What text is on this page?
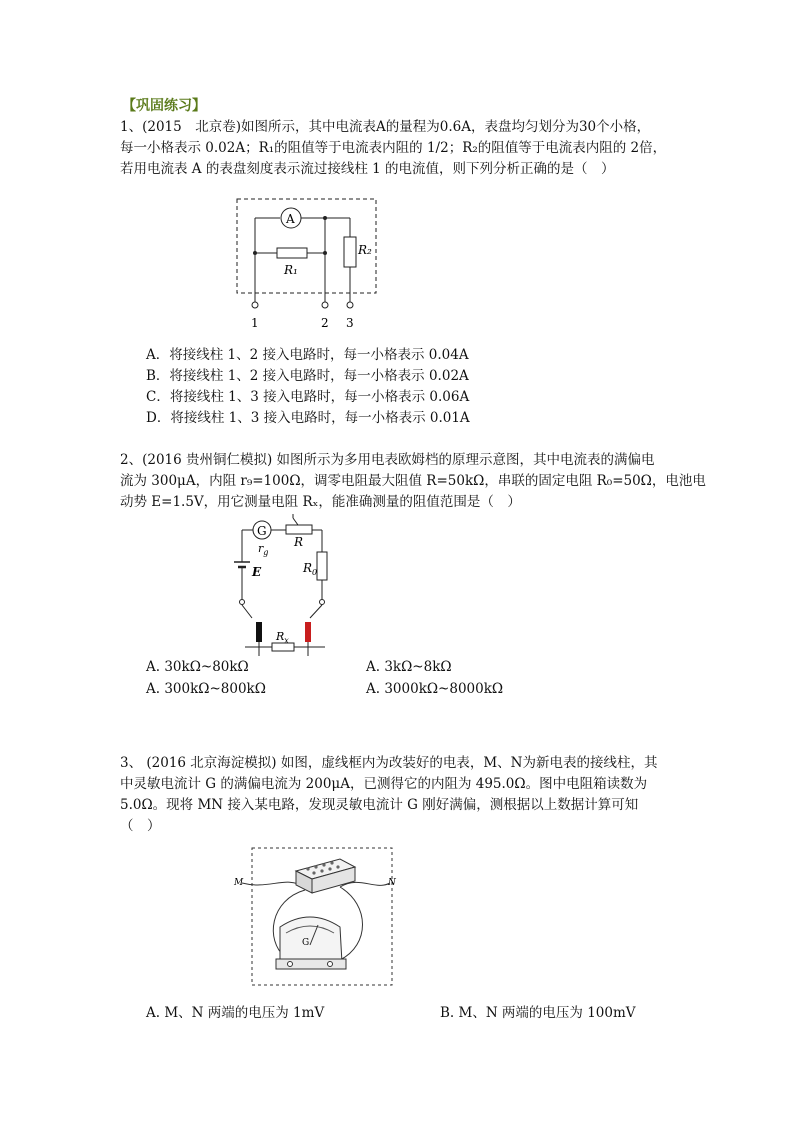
【巩固练习】
1、(2015　北京卷)如图所示，其中电流表A的量程为0.6A，表盘均匀划分为30个小格，
每一小格表示 0.02A；R₁的阻值等于电流表内阻的 1/2；R₂的阻值等于电流表内阻的 2倍，
若用电流表 A 的表盘刻度表示流过接线柱 1 的电流值，则下列分析正确的是（　）
A
R₁
R₂
1	2 3
A．将接线柱 1、2 接入电路时，每一小格表示 0.04A
B．将接线柱 1、2 接入电路时，每一小格表示 0.02A
C．将接线柱 1、3 接入电路时，每一小格表示 0.06A
D．将接线柱 1、3 接入电路时，每一小格表示 0.01A
2、(2016 贵州铜仁模拟) 如图所示为多用电表欧姆档的原理示意图，其中电流表的满偏电
流为 300μA，内阻 r₉=100Ω，调零电阻最大阻值 R=50kΩ，串联的固定电阻 R₀=50Ω，电池电
动势 E=1.5V，用它测量电阻 Rₓ，能准确测量的阻值范围是（　）
G
$r_g$
R
$R_0$
E
$R_x$
A. 30kΩ~80kΩ	A. 3kΩ~8kΩ
A. 300kΩ~800kΩ	A. 3000kΩ~8000kΩ
3、 (2016 北京海淀模拟) 如图，虚线框内为改装好的电表，M、N为新电表的接线柱，其
中灵敏电流计 G 的满偏电流为 200μA，已测得它的内阻为 495.0Ω。图中电阻箱读数为
5.0Ω。现将 MN 接入某电路，发现灵敏电流计 G 刚好满偏，测根据以上数据计算可知
（　）
M	N
G
A. M、N 两端的电压为 1mV	B. M、N 两端的电压为 100mV
